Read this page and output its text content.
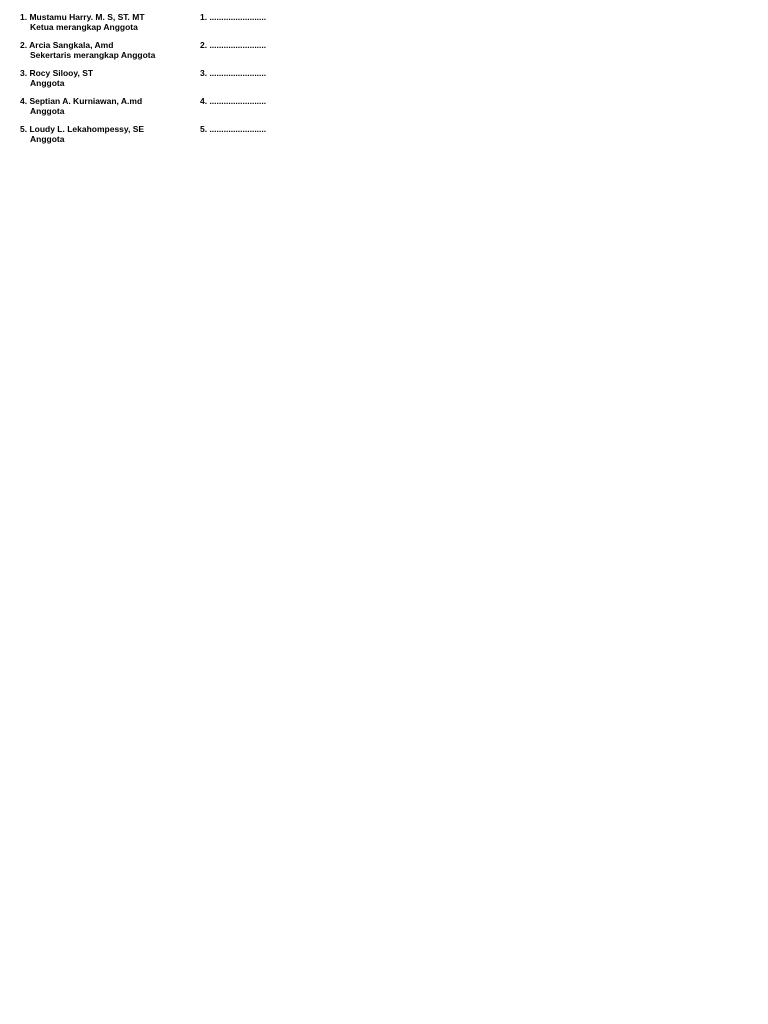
1. Mustamu Harry. M. S, ST. MT
Ketua merangkap Anggota
1. ........................
2. Arcia Sangkala, Amd
Sekertaris merangkap Anggota
2. ........................
3. Rocy Silooy, ST
Anggota
3. ........................
4. Septian A. Kurniawan, A.md
Anggota
4. ........................
5. Loudy L. Lekahompessy, SE
Anggota
5. ........................
